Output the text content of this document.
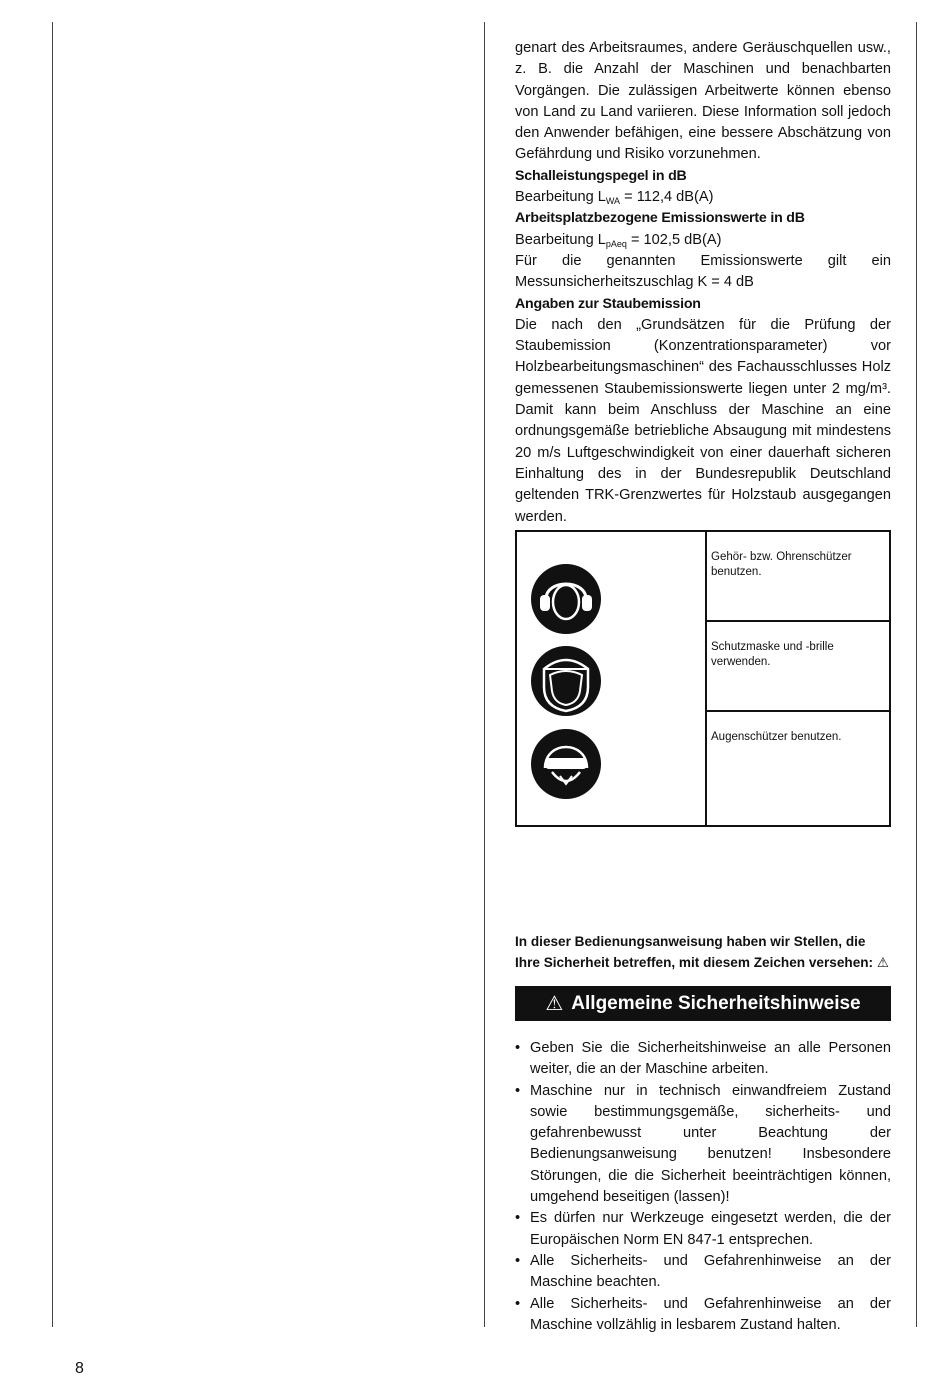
genart des Arbeitsraumes, andere Geräuschquellen usw., z. B. die Anzahl der Maschinen und benachbarten Vorgängen. Die zulässigen Arbeitwerte können ebenso von Land zu Land variieren. Diese Information soll jedoch den Anwender befähigen, eine bessere Abschätzung von Gefährdung und Risiko vorzunehmen.

Schalleistungspegel in dB

Bearbeitung $L_{WA} = 112,4$ dB(A)

Arbeitsplatzbezogene Emissionswerte in dB

Bearbeitung $L_{pAeq} = 102,5$ dB(A)

Für die genannten Emissionswerte gilt ein Messunsicherheitszuschlag K = 4 dB

Angaben zur Staubemission

Die nach den „Grundsätzen für die Prüfung der Staubemission (Konzentrationsparameter) vor Holzbearbeitungsmaschinen“ des Fachausschlusses Holz gemessenen Staubemissionswerte liegen unter 2 mg/m³. Damit kann beim Anschluss der Maschine an eine ordnungsgemäße betriebliche Absaugung mit mindestens 20 m/s Luftgeschwindigkeit von einer dauerhaft sicheren Einhaltung des in der Bundesrepublik Deutschland geltenden TRK-Grenzwertes für Holzstaub ausgegangen werden.

Gehör- bzw. Ohrenschützer benutzen.
Schutzmaske und -brille verwenden.
Augenschützer benutzen.
In dieser Bedienungsanweisung haben wir Stellen, die Ihre Sicherheit betreffen, mit diesem Zeichen versehen: ⚠
⚠ Allgemeine Sicherheitshinweise
• Geben Sie die Sicherheitshinweise an alle Personen weiter, die an der Maschine arbeiten.
• Maschine nur in technisch einwandfreiem Zustand sowie bestimmungsgemäße, sicherheits- und gefahrenbewusst unter Beachtung der Bedienungsanweisung benutzen! Insbesondere Störungen, die die Sicherheit beeinträchtigen können, umgehend beseitigen (lassen)!
• Es dürfen nur Werkzeuge eingesetzt werden, die der Europäischen Norm EN 847-1 entsprechen.
• Alle Sicherheits- und Gefahrenhinweise an der Maschine beachten.
• Alle Sicherheits- und Gefahrenhinweise an der Maschine vollzählig in lesbarem Zustand halten.
8
